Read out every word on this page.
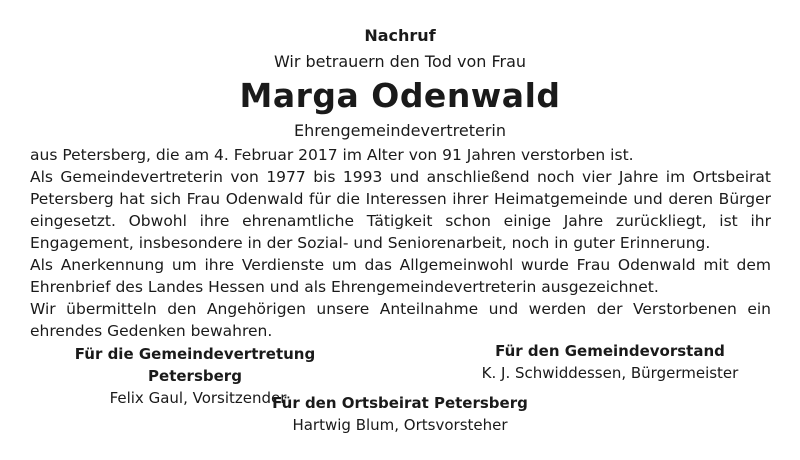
Nachruf
Wir betrauern den Tod von Frau
Marga Odenwald
Ehrengemeindevertreterin

aus Petersberg, die am 4. Februar 2017 im Alter von 91 Jahren verstorben ist.

Als Gemeindevertreterin von 1977 bis 1993 und anschließend noch vier Jahre im Ortsbeirat Petersberg hat sich Frau Odenwald für die Interessen ihrer Heimatgemeinde und deren Bürger eingesetzt. Obwohl ihre ehrenamtliche Tätigkeit schon einige Jahre zurückliegt, ist ihr Engagement, insbesondere in der Sozial- und Seniorenarbeit, noch in guter Erinnerung.

Als Anerkennung um ihre Verdienste um das Allgemeinwohl wurde Frau Odenwald mit dem Ehrenbrief des Landes Hessen und als Ehrengemeindevertreterin ausgezeichnet.

Wir übermitteln den Angehörigen unsere Anteilnahme und werden der Verstorbenen ein ehrendes Gedenken bewahren.

Für die Gemeindevertretung Petersberg
Felix Gaul, Vorsitzender
Für den Gemeindevorstand
K. J. Schwiddessen, Bürgermeister
Für den Ortsbeirat Petersberg
Hartwig Blum, Ortsvorsteher
